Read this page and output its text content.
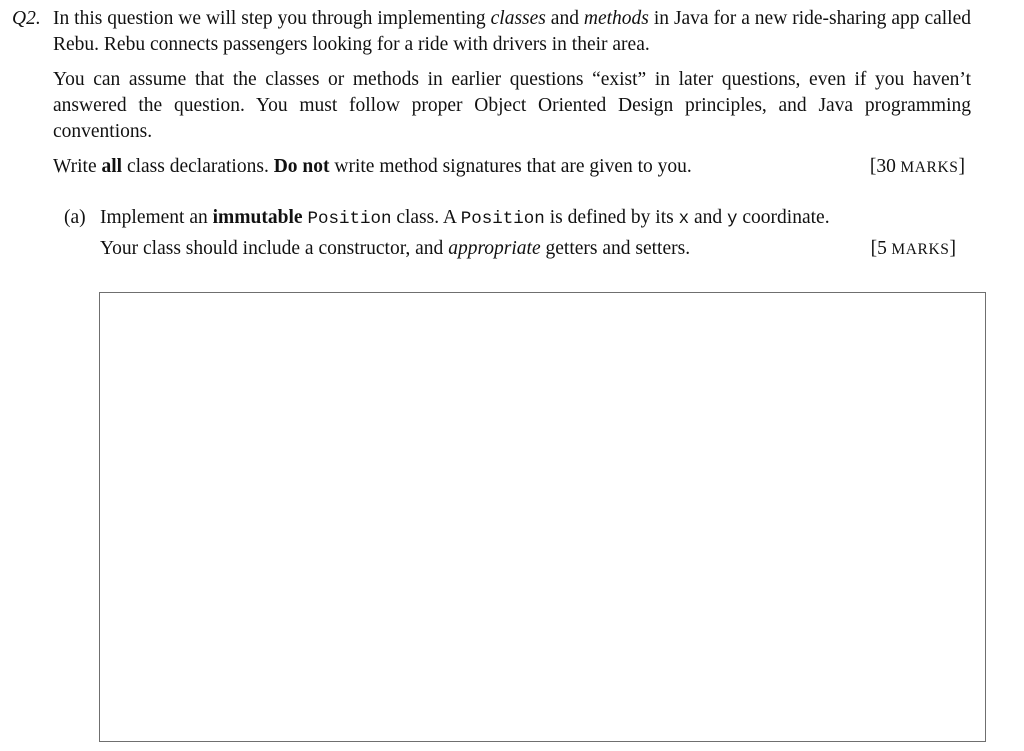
Q2. In this question we will step you through implementing classes and methods in Java for a new ride-sharing app called Rebu. Rebu connects passengers looking for a ride with drivers in their area.

You can assume that the classes or methods in earlier questions “exist” in later questions, even if you haven’t answered the question. You must follow proper Object Oriented Design principles, and Java programming conventions.

Write all class declarations. Do not write method signatures that are given to you.	[30 MARKS]

(a) Implement an immutable Position class. A Position is defined by its x and y coordinate.
Your class should include a constructor, and appropriate getters and setters.	[5 MARKS]
